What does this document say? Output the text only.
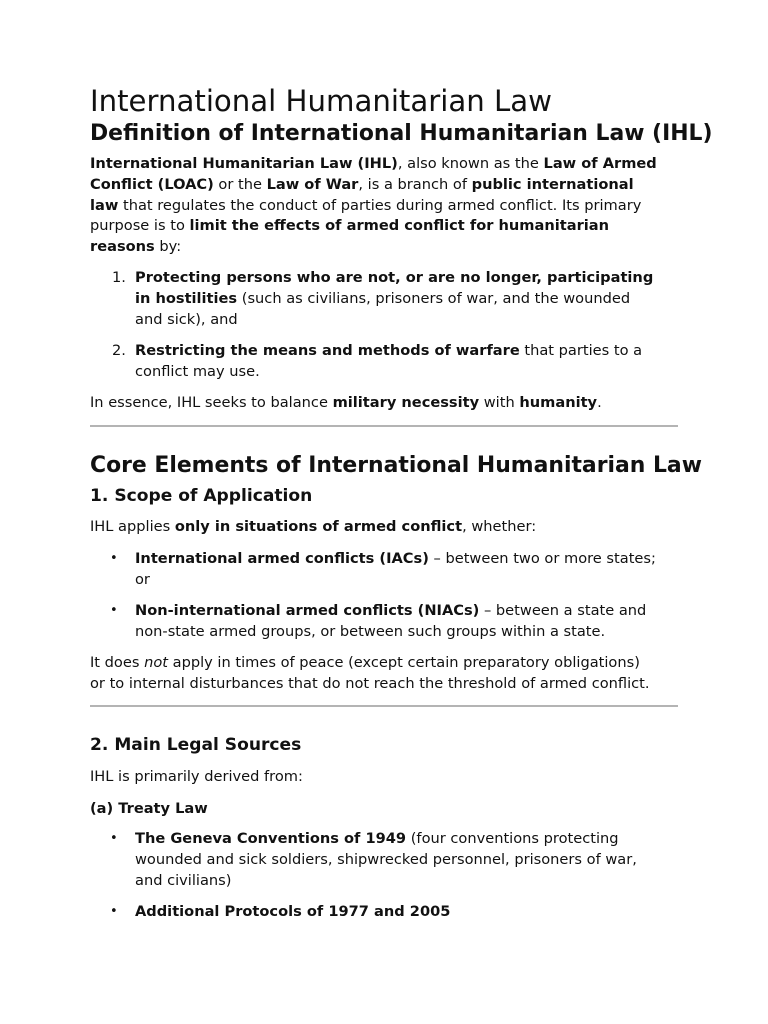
International Humanitarian Law
Definition of International Humanitarian Law (IHL)
International Humanitarian Law (IHL), also known as the Law of Armed
Conflict (LOAC) or the Law of War, is a branch of public international
law that regulates the conduct of parties during armed conflict. Its primary
purpose is to limit the effects of armed conflict for humanitarian
reasons by:
1. Protecting persons who are not, or are no longer, participating
in hostilities (such as civilians, prisoners of war, and the wounded
and sick), and
2. Restricting the means and methods of warfare that parties to a
conflict may use.
In essence, IHL seeks to balance military necessity with humanity.
Core Elements of International Humanitarian Law
1. Scope of Application
IHL applies only in situations of armed conflict, whether:
• International armed conflicts (IACs) – between two or more states;
or
• Non-international armed conflicts (NIACs) – between a state and
non-state armed groups, or between such groups within a state.
It does not apply in times of peace (except certain preparatory obligations)
or to internal disturbances that do not reach the threshold of armed conflict.
2. Main Legal Sources
IHL is primarily derived from:
(a) Treaty Law
• The Geneva Conventions of 1949 (four conventions protecting
wounded and sick soldiers, shipwrecked personnel, prisoners of war,
and civilians)
• Additional Protocols of 1977 and 2005
